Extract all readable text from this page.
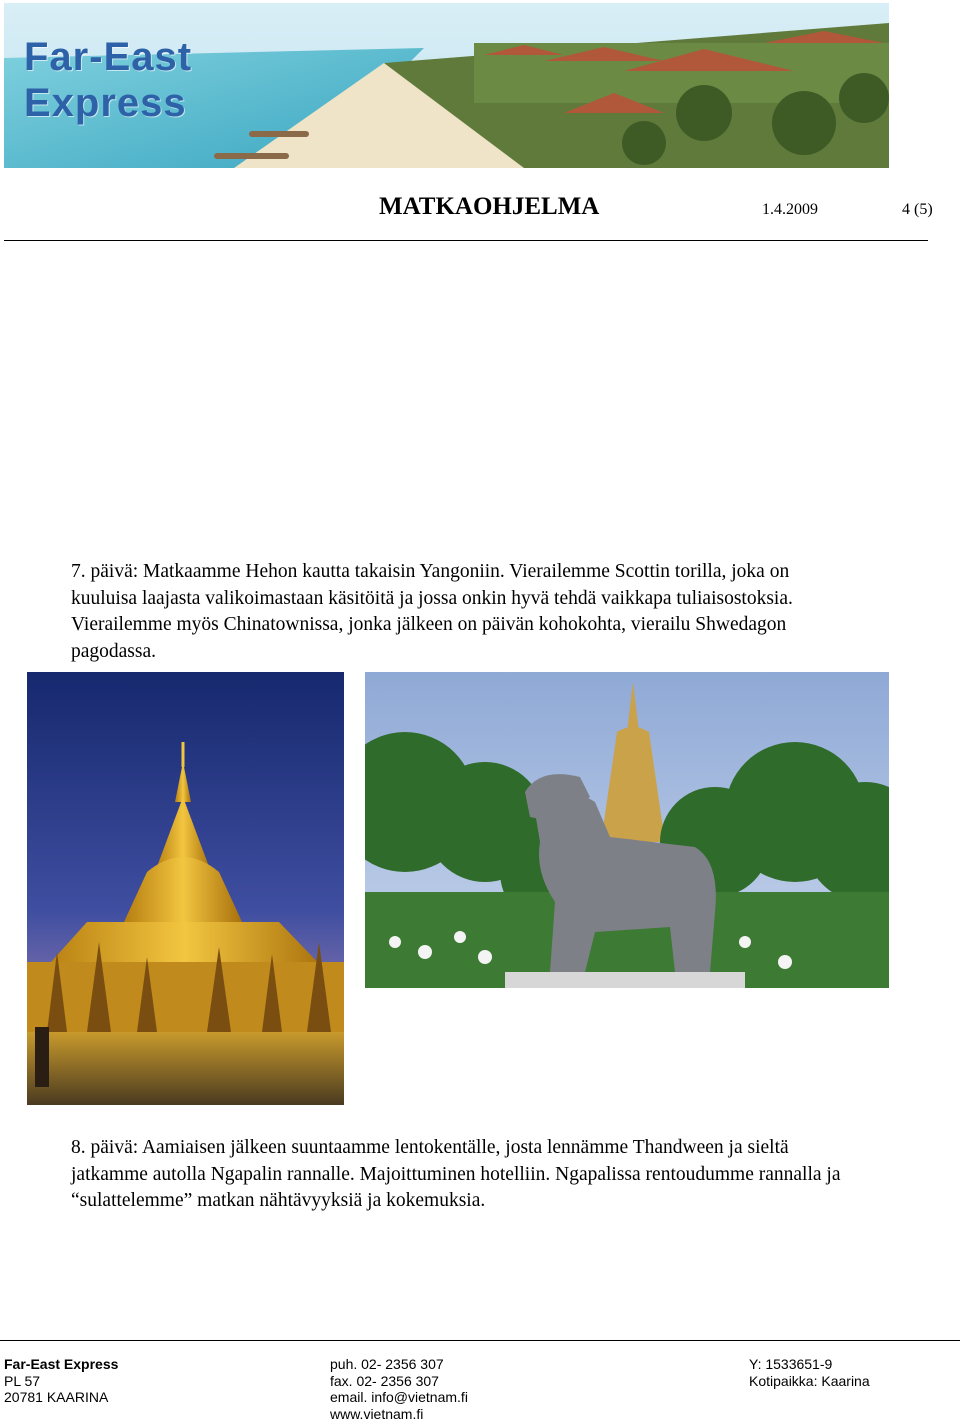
Far-East
Express
MATKAOHJELMA	1.4.2009	4 (5)
7. päivä: Matkaamme Hehon kautta takaisin Yangoniin. Vierailemme Scottin torilla, joka on
kuuluisa laajasta valikoimastaan käsitöitä ja jossa onkin hyvä tehdä vaikkapa tuliaisostoksia.
Vierailemme myös Chinatownissa, jonka jälkeen on päivän kohokohta, vierailu Shwedagon
pagodassa.
8. päivä: Aamiaisen jälkeen suuntaamme lentokentälle, josta lennämme Thandween ja sieltä
jatkamme autolla Ngapalin rannalle. Majoittuminen hotelliin. Ngapalissa rentoudumme rannalla ja
“sulattelemme” matkan nähtävyyksiä ja kokemuksia.
Far-East Express
PL 57
20781 KAARINA
puh. 02- 2356 307
fax. 02- 2356 307
email. info@vietnam.fi
www.vietnam.fi
Y: 1533651-9
Kotipaikka: Kaarina
